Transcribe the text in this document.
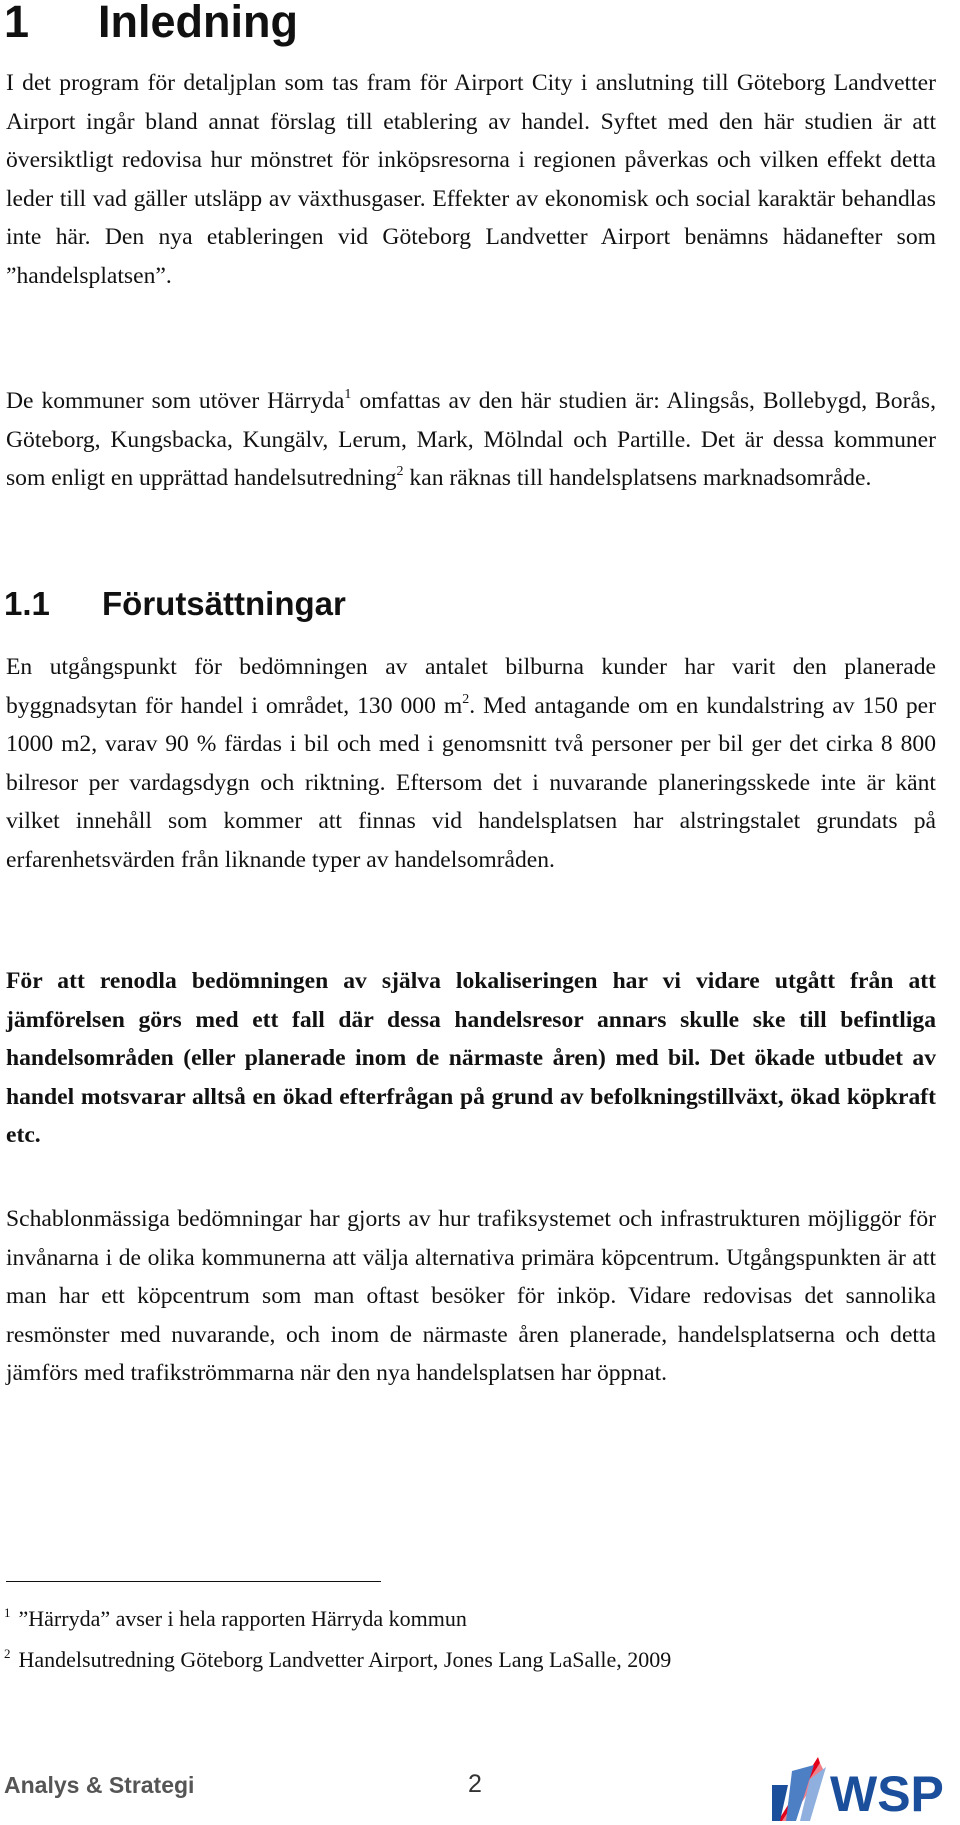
1 Inledning

I det program för detaljplan som tas fram för Airport City i anslutning till Göteborg Landvetter Airport ingår bland annat förslag till etablering av handel. Syftet med den här studien är att översiktligt redovisa hur mönstret för inköpsresorna i regionen påverkas och vilken effekt detta leder till vad gäller utsläpp av växthusgaser. Effekter av ekonomisk och social karaktär behandlas inte här. Den nya etableringen vid Göteborg Landvetter Airport benämns hädanefter som ”handelsplatsen”.

De kommuner som utöver Härryda$^1$ omfattas av den här studien är: Alingsås, Bollebygd, Borås, Göteborg, Kungsbacka, Kungälv, Lerum, Mark, Mölndal och Partille. Det är dessa kommuner som enligt en upprättad handelsutredning$^2$ kan räknas till handelsplatsens marknadsområde.

1.1 Förutsättningar

En utgångspunkt för bedömningen av antalet bilburna kunder har varit den planerade byggnadsytan för handel i området, 130 000 $m^2$. Med antagande om en kundalstring av 150 per 1000 m2, varav 90 % färdas i bil och med i genomsnitt två personer per bil ger det cirka 8 800 bilresor per vardagsdygn och riktning. Eftersom det i nuvarande planeringsskede inte är känt vilket innehåll som kommer att finnas vid handelsplatsen har alstringstalet grundats på erfarenhetsvärden från liknande typer av handelsområden.

För att renodla bedömningen av själva lokaliseringen har vi vidare utgått från att jämförelsen görs med ett fall där dessa handelsresor annars skulle ske till befintliga handelsområden (eller planerade inom de närmaste åren) med bil. Det ökade utbudet av handel motsvarar alltså en ökad efterfrågan på grund av befolkningstillväxt, ökad köpkraft etc.

Schablonmässiga bedömningar har gjorts av hur trafiksystemet och infrastrukturen möjliggör för invånarna i de olika kommunerna att välja alternativa primära köpcentrum. Utgångspunkten är att man har ett köpcentrum som man oftast besöker för inköp. Vidare redovisas det sannolika resmönster med nuvarande, och inom de närmaste åren planerade, handelsplatserna och detta jämförs med trafikströmmarna när den nya handelsplatsen har öppnat.

$^1$ ”Härryda” avser i hela rapporten Härryda kommun
$^2$ Handelsutredning Göteborg Landvetter Airport, Jones Lang LaSalle, 2009
Analys & Strategi	2	WSP
